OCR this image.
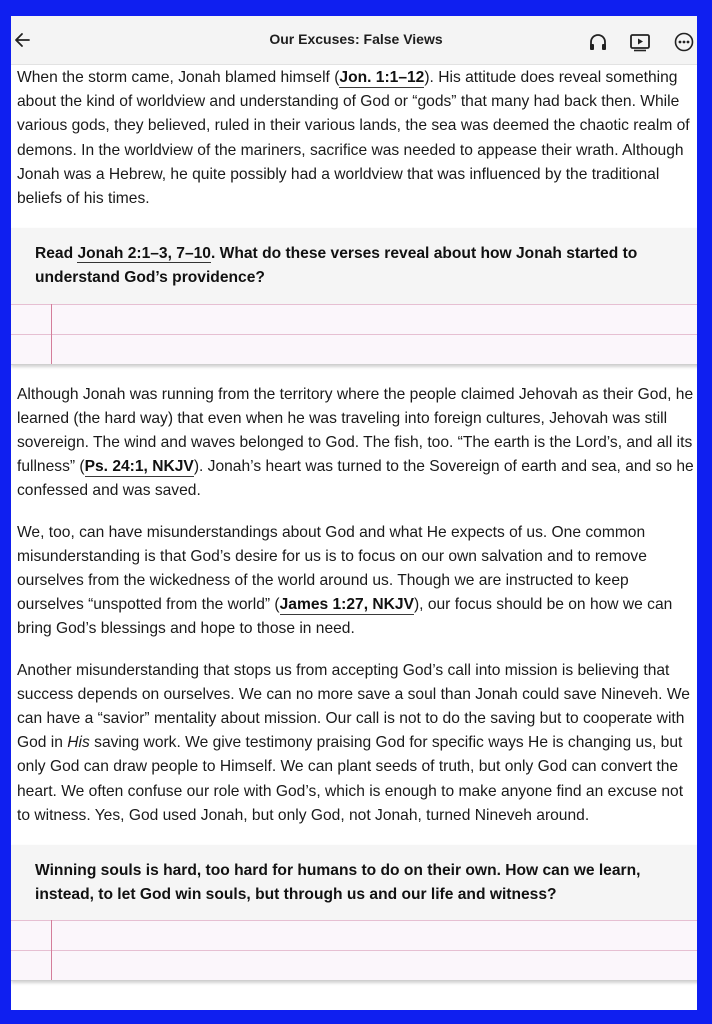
Our Excuses: False Views

When the storm came, Jonah blamed himself (Jon. 1:1–12). His attitude does reveal something about the kind of worldview and understanding of God or “gods” that many had back then. While various gods, they believed, ruled in their various lands, the sea was deemed the chaotic realm of demons. In the worldview of the mariners, sacrifice was needed to appease their wrath. Although Jonah was a Hebrew, he quite possibly had a worldview that was influenced by the traditional beliefs of his times.

Read Jonah 2:1–3, 7–10. What do these verses reveal about how Jonah started to understand God’s providence?

Although Jonah was running from the territory where the people claimed Jehovah as their God, he learned (the hard way) that even when he was traveling into foreign cultures, Jehovah was still sovereign. The wind and waves belonged to God. The fish, too. “The earth is the Lord’s, and all its fullness” (Ps. 24:1, NKJV). Jonah’s heart was turned to the Sovereign of earth and sea, and so he confessed and was saved.

We, too, can have misunderstandings about God and what He expects of us. One common misunderstanding is that God’s desire for us is to focus on our own salvation and to remove ourselves from the wickedness of the world around us. Though we are instructed to keep ourselves “unspotted from the world” (James 1:27, NKJV), our focus should be on how we can bring God’s blessings and hope to those in need.

Another misunderstanding that stops us from accepting God’s call into mission is believing that success depends on ourselves. We can no more save a soul than Jonah could save Nineveh. We can have a “savior” mentality about mission. Our call is not to do the saving but to cooperate with God in His saving work. We give testimony praising God for specific ways He is changing us, but only God can draw people to Himself. We can plant seeds of truth, but only God can convert the heart. We often confuse our role with God’s, which is enough to make anyone find an excuse not to witness. Yes, God used Jonah, but only God, not Jonah, turned Nineveh around.

Winning souls is hard, too hard for humans to do on their own. How can we learn, instead, to let God win souls, but through us and our life and witness?
